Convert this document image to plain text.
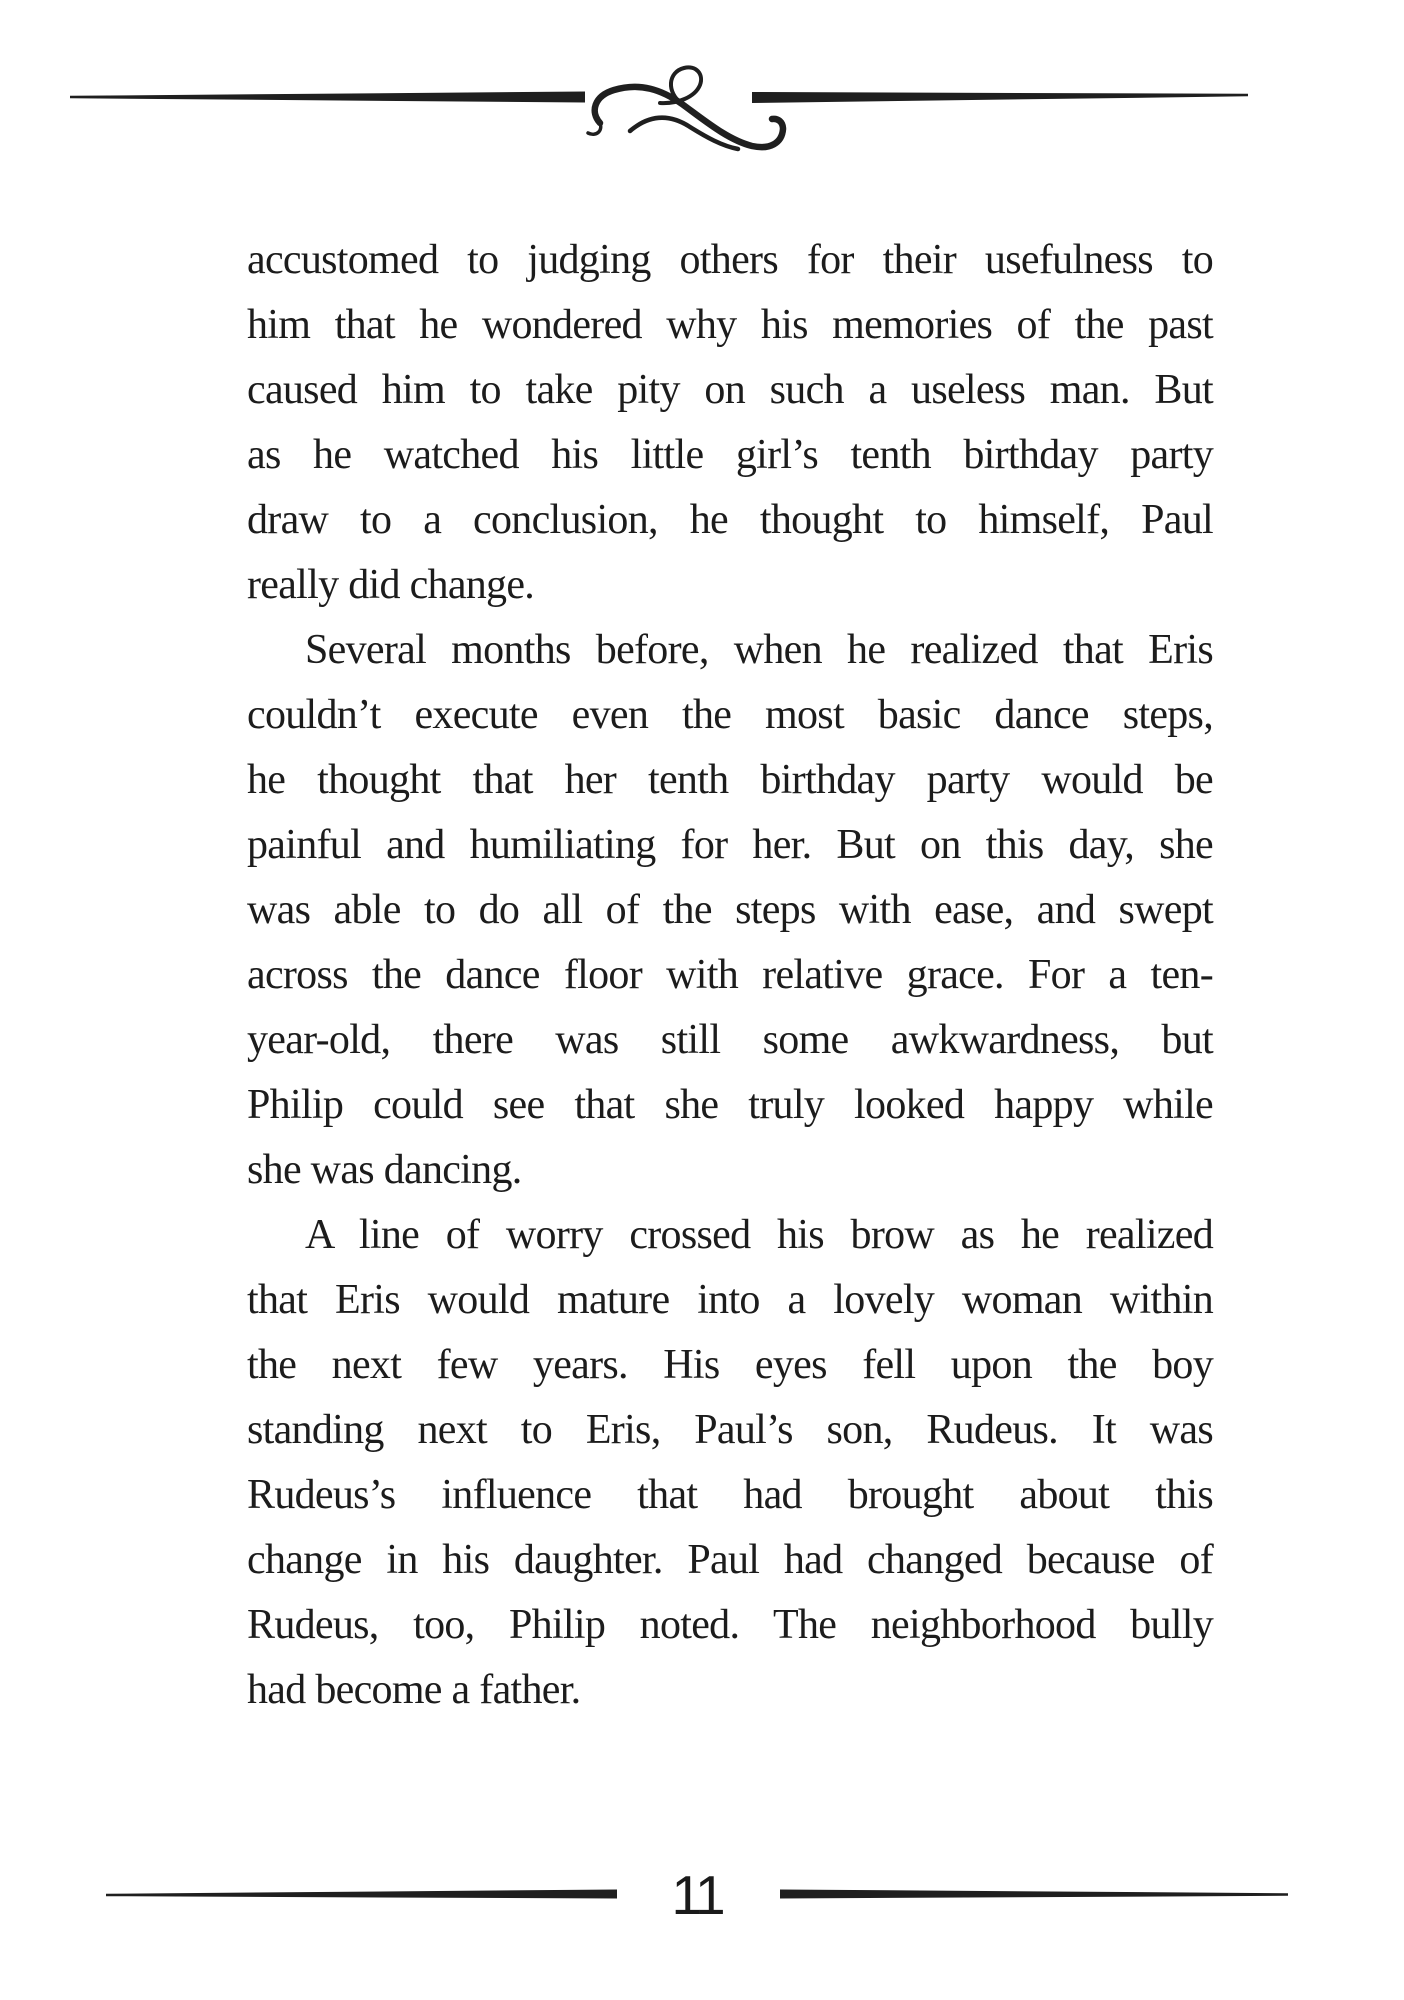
accustomed to judging others for their usefulness to
him that he wondered why his memories of the past
caused him to take pity on such a useless man. But
as he watched his little girl’s tenth birthday party
draw to a conclusion, he thought to himself, Paul
really did change.
Several months before, when he realized that Eris
couldn’t execute even the most basic dance steps,
he thought that her tenth birthday party would be
painful and humiliating for her. But on this day, she
was able to do all of the steps with ease, and swept
across the dance floor with relative grace. For a ten-
year-old, there was still some awkwardness, but
Philip could see that she truly looked happy while
she was dancing.
A line of worry crossed his brow as he realized
that Eris would mature into a lovely woman within
the next few years. His eyes fell upon the boy
standing next to Eris, Paul’s son, Rudeus. It was
Rudeus’s influence that had brought about this
change in his daughter. Paul had changed because of
Rudeus, too, Philip noted. The neighborhood bully
had become a father.
11
